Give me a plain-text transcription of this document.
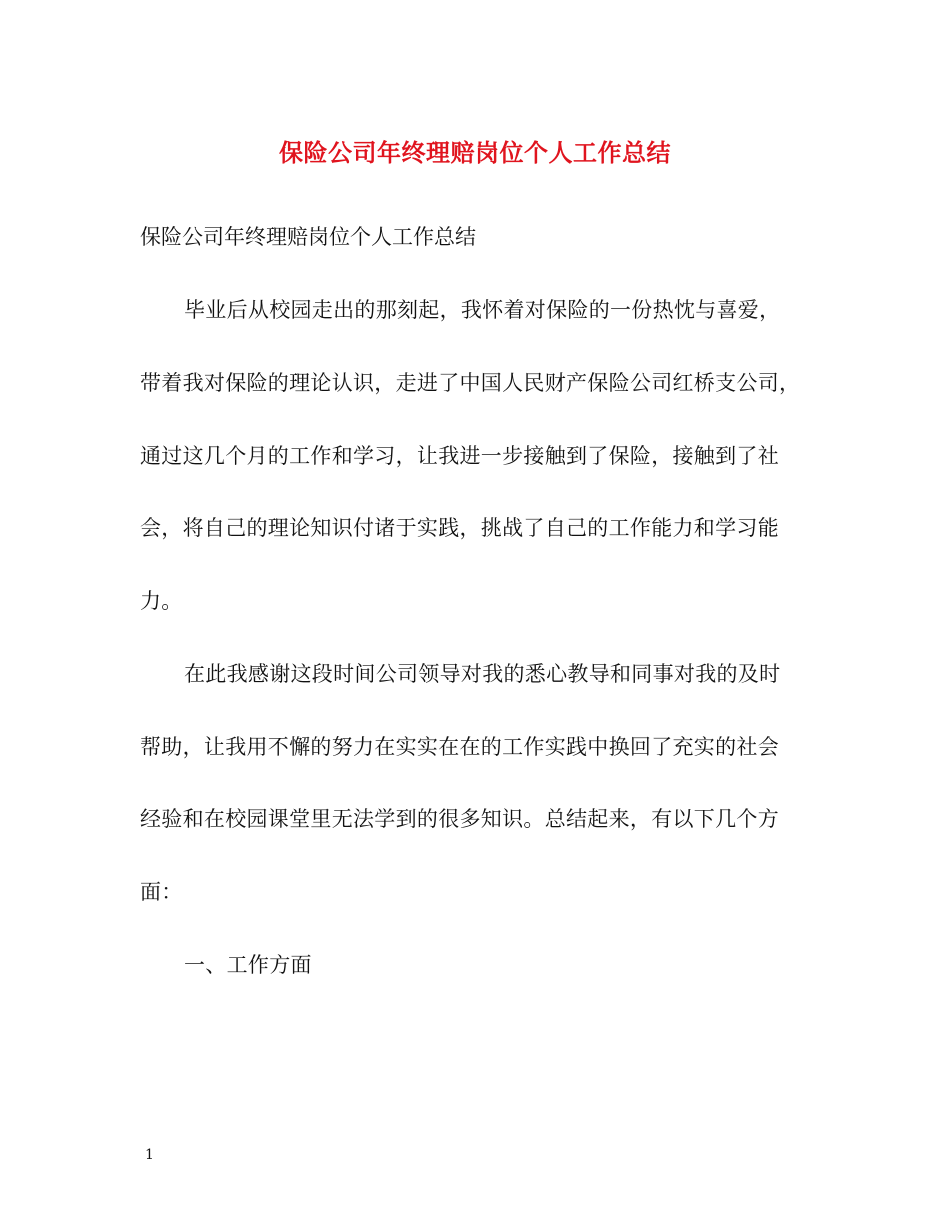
保险公司年终理赔岗位个人工作总结
保险公司年终理赔岗位个人工作总结
毕业后从校园走出的那刻起，我怀着对保险的一份热忱与喜爱，
带着我对保险的理论认识，走进了中国人民财产保险公司红桥支公司，
通过这几个月的工作和学习，让我进一步接触到了保险，接触到了社
会，将自己的理论知识付诸于实践，挑战了自己的工作能力和学习能
力。
在此我感谢这段时间公司领导对我的悉心教导和同事对我的及时
帮助，让我用不懈的努力在实实在在的工作实践中换回了充实的社会
经验和在校园课堂里无法学到的很多知识。总结起来，有以下几个方
面：
一、工作方面
1
